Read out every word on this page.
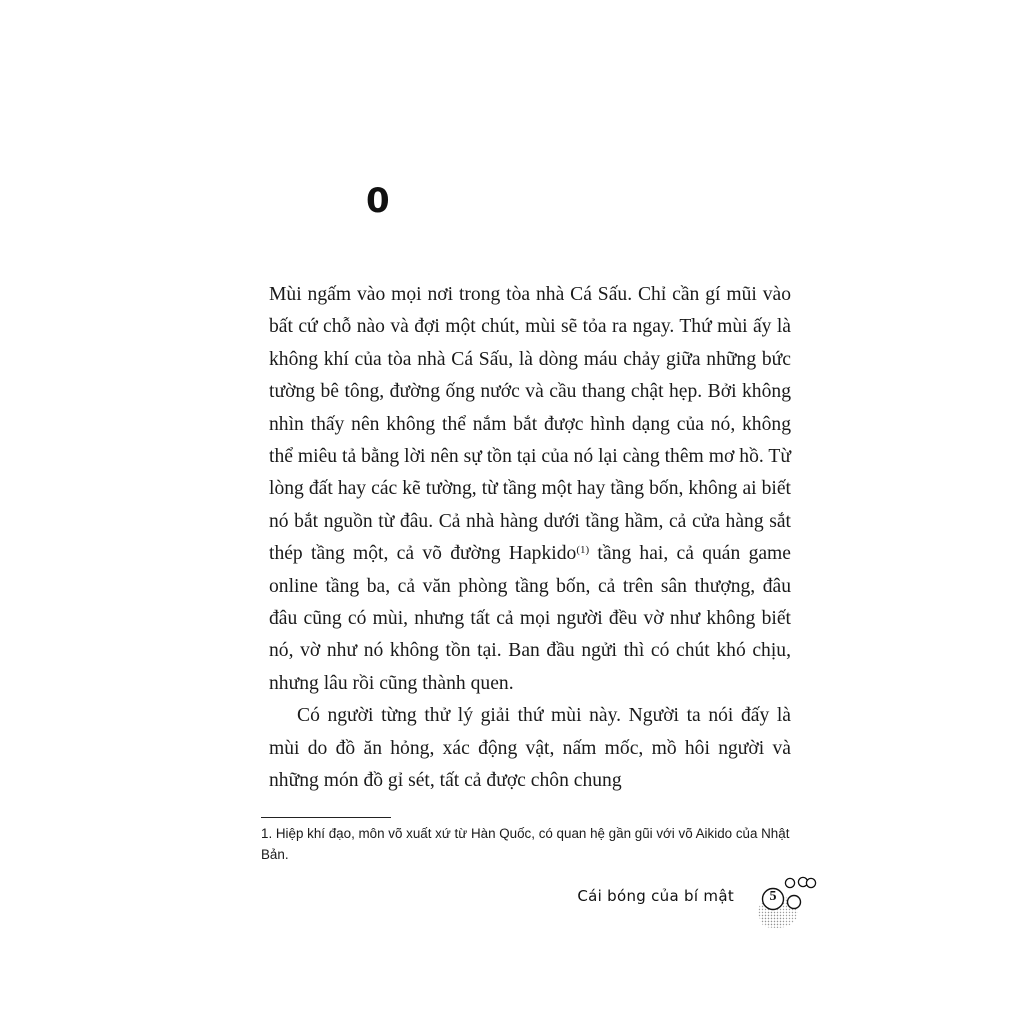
0

Mùi ngấm vào mọi nơi trong tòa nhà Cá Sấu. Chỉ cần gí mũi vào bất cứ chỗ nào và đợi một chút, mùi sẽ tỏa ra ngay. Thứ mùi ấy là không khí của tòa nhà Cá Sấu, là dòng máu chảy giữa những bức tường bê tông, đường ống nước và cầu thang chật hẹp. Bởi không nhìn thấy nên không thể nắm bắt được hình dạng của nó, không thể miêu tả bằng lời nên sự tồn tại của nó lại càng thêm mơ hồ. Từ lòng đất hay các kẽ tường, từ tầng một hay tầng bốn, không ai biết nó bắt nguồn từ đâu. Cả nhà hàng dưới tầng hầm, cả cửa hàng sắt thép tầng một, cả võ đường Hapkido$^{(1)}$ tầng hai, cả quán game online tầng ba, cả văn phòng tầng bốn, cả trên sân thượng, đâu đâu cũng có mùi, nhưng tất cả mọi người đều vờ như không biết nó, vờ như nó không tồn tại. Ban đầu ngửi thì có chút khó chịu, nhưng lâu rồi cũng thành quen.

Có người từng thử lý giải thứ mùi này. Người ta nói đấy là mùi do đồ ăn hỏng, xác động vật, nấm mốc, mồ hôi người và những món đồ gỉ sét, tất cả được chôn chung

1. Hiệp khí đạo, môn võ xuất xứ từ Hàn Quốc, có quan hệ gần gũi với võ Aikido của Nhật Bản.
Cái bóng của bí mật	5
